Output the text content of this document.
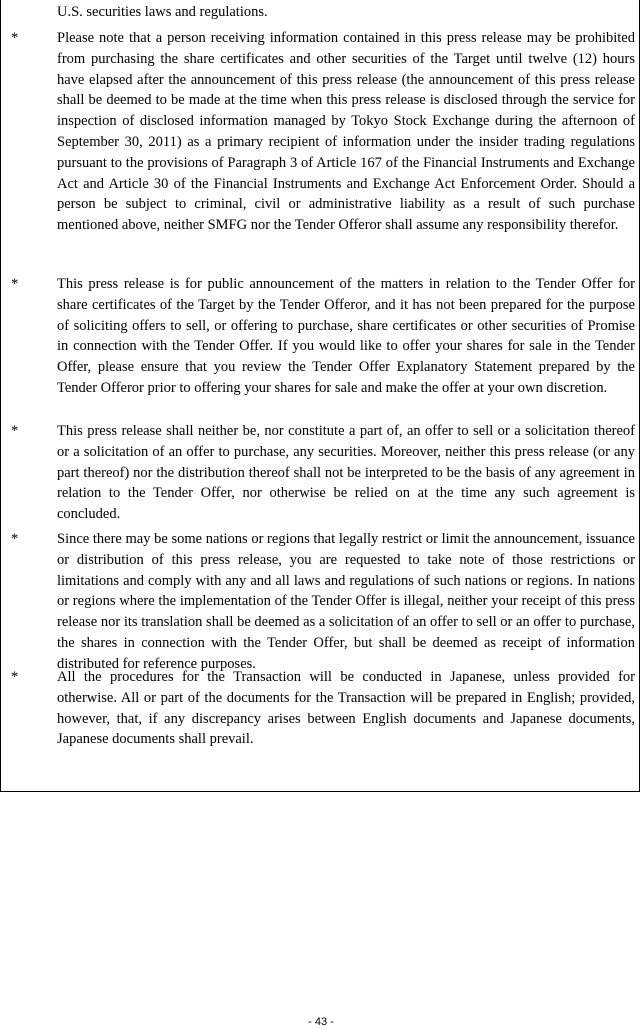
U.S. securities laws and regulations.
*	Please note that a person receiving information contained in this press release may be prohibited from purchasing the share certificates and other securities of the Target until twelve (12) hours have elapsed after the announcement of this press release (the announcement of this press release shall be deemed to be made at the time when this press release is disclosed through the service for inspection of disclosed information managed by Tokyo Stock Exchange during the afternoon of September 30, 2011) as a primary recipient of information under the insider trading regulations pursuant to the provisions of Paragraph 3 of Article 167 of the Financial Instruments and Exchange Act and Article 30 of the Financial Instruments and Exchange Act Enforcement Order. Should a person be subject to criminal, civil or administrative liability as a result of such purchase mentioned above, neither SMFG nor the Tender Offeror shall assume any responsibility therefor.

*	This press release is for public announcement of the matters in relation to the Tender Offer for share certificates of the Target by the Tender Offeror, and it has not been prepared for the purpose of soliciting offers to sell, or offering to purchase, share certificates or other securities of Promise in connection with the Tender Offer. If you would like to offer your shares for sale in the Tender Offer, please ensure that you review the Tender Offer Explanatory Statement prepared by the Tender Offeror prior to offering your shares for sale and make the offer at your own discretion.

*	This press release shall neither be, nor constitute a part of, an offer to sell or a solicitation thereof or a solicitation of an offer to purchase, any securities. Moreover, neither this press release (or any part thereof) nor the distribution thereof shall not be interpreted to be the basis of any agreement in relation to the Tender Offer, nor otherwise be relied on at the time any such agreement is concluded.

*	Since there may be some nations or regions that legally restrict or limit the announcement, issuance or distribution of this press release, you are requested to take note of those restrictions or limitations and comply with any and all laws and regulations of such nations or regions. In nations or regions where the implementation of the Tender Offer is illegal, neither your receipt of this press release nor its translation shall be deemed as a solicitation of an offer to sell or an offer to purchase, the shares in connection with the Tender Offer, but shall be deemed as receipt of information distributed for reference purposes.

*	All the procedures for the Transaction will be conducted in Japanese, unless provided for otherwise. All or part of the documents for the Transaction will be prepared in English; provided, however, that, if any discrepancy arises between English documents and Japanese documents, Japanese documents shall prevail.

- 43 -
